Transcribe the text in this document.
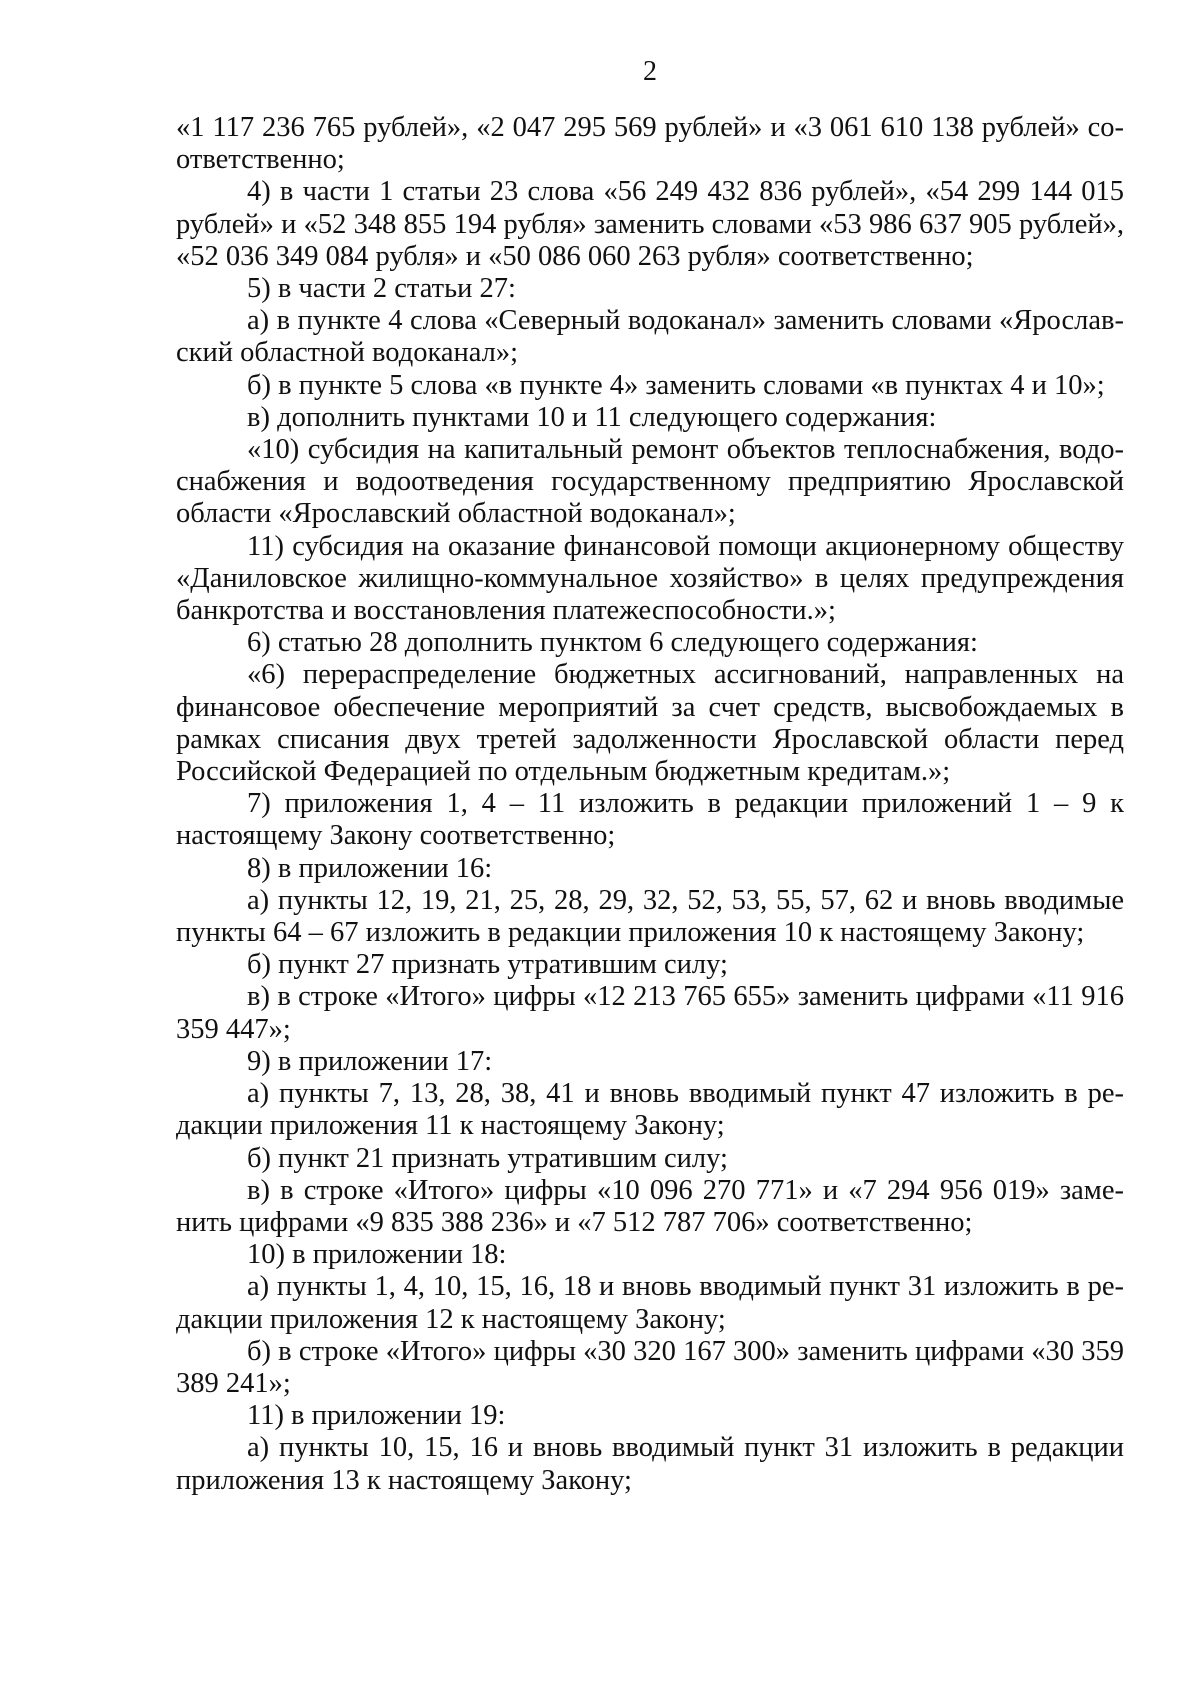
2

«1 117 236 765 рублей», «2 047 295 569 рублей» и «3 061 610 138 рублей» соответственно;

4) в части 1 статьи 23 слова «56 249 432 836 рублей», «54 299 144 015 рублей» и «52 348 855 194 рубля» заменить словами «53 986 637 905 рублей», «52 036 349 084 рубля» и «50 086 060 263 рубля» соответственно;

5) в части 2 статьи 27:

а) в пункте 4 слова «Северный водоканал» заменить словами «Ярославский областной водоканал»;

б) в пункте 5 слова «в пункте 4» заменить словами «в пунктах 4 и 10»;

в) дополнить пунктами 10 и 11 следующего содержания:

«10) субсидия на капитальный ремонт объектов теплоснабжения, водоснабжения и водоотведения государственному предприятию Ярославской области «Ярославский областной водоканал»;

11) субсидия на оказание финансовой помощи акционерному обществу «Даниловское жилищно-коммунальное хозяйство» в целях предупреждения банкротства и восстановления платежеспособности.»;

6) статью 28 дополнить пунктом 6 следующего содержания:

«6) перераспределение бюджетных ассигнований, направленных на финансовое обеспечение мероприятий за счет средств, высвобождаемых в рамках списания двух третей задолженности Ярославской области перед Российской Федерацией по отдельным бюджетным кредитам.»;

7) приложения 1, 4 – 11 изложить в редакции приложений 1 – 9 к настоящему Закону соответственно;

8) в приложении 16:

а) пункты 12, 19, 21, 25, 28, 29, 32, 52, 53, 55, 57, 62 и вновь вводимые пункты 64 – 67 изложить в редакции приложения 10 к настоящему Закону;

б) пункт 27 признать утратившим силу;

в) в строке «Итого» цифры «12 213 765 655» заменить цифрами «11 916 359 447»;

9) в приложении 17:

а) пункты 7, 13, 28, 38, 41 и вновь вводимый пункт 47 изложить в редакции приложения 11 к настоящему Закону;

б) пункт 21 признать утратившим силу;

в) в строке «Итого» цифры «10 096 270 771» и «7 294 956 019» заменить цифрами «9 835 388 236» и «7 512 787 706» соответственно;

10) в приложении 18:

а) пункты 1, 4, 10, 15, 16, 18 и вновь вводимый пункт 31 изложить в редакции приложения 12 к настоящему Закону;

б) в строке «Итого» цифры «30 320 167 300» заменить цифрами «30 359 389 241»;

11) в приложении 19:

а) пункты 10, 15, 16 и вновь вводимый пункт 31 изложить в редакции приложения 13 к настоящему Закону;
